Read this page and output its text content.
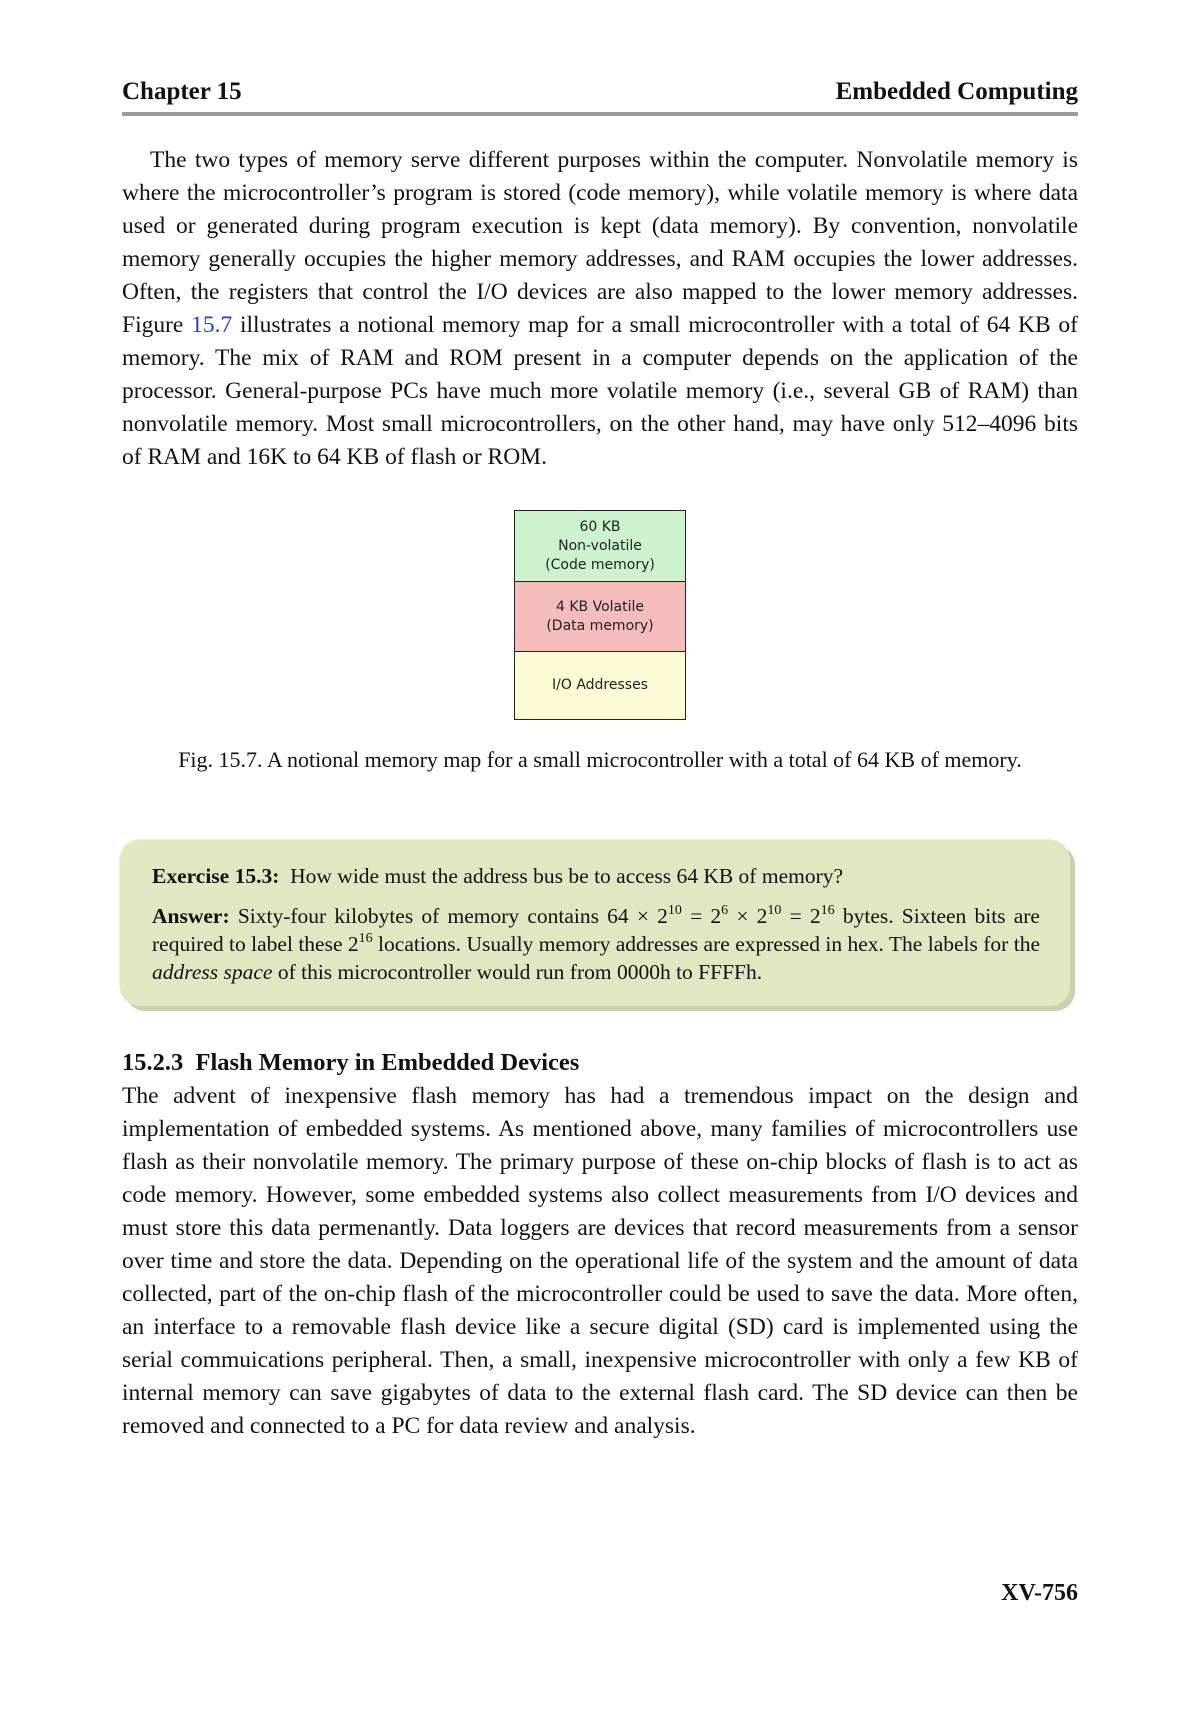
Chapter 15	Embedded Computing

The two types of memory serve different purposes within the computer. Nonvolatile memory is where the microcontroller’s program is stored (code memory), while volatile memory is where data used or generated during program execution is kept (data memory). By convention, nonvolatile memory generally occupies the higher memory addresses, and RAM occupies the lower addresses. Often, the registers that control the I/O devices are also mapped to the lower memory addresses. Figure 15.7 illustrates a notional memory map for a small microcontroller with a total of 64 KB of memory. The mix of RAM and ROM present in a computer depends on the application of the processor. General-purpose PCs have much more volatile memory (i.e., several GB of RAM) than nonvolatile memory. Most small microcontrollers, on the other hand, may have only 512–4096 bits of RAM and 16K to 64 KB of flash or ROM.

60 KB
Non-volatile
(Code memory)
4 KB Volatile
(Data memory)
I/O Addresses
Fig. 15.7. A notional memory map for a small microcontroller with a total of 64 KB of memory.

Exercise 15.3: How wide must the address bus be to access 64 KB of memory?

Answer: Sixty-four kilobytes of memory contains $64 \times 2^{10} = 2^6 \times 2^{10} = 2^{16}$ bytes. Sixteen bits are required to label these $2^{16}$ locations. Usually memory addresses are expressed in hex. The labels for the address space of this microcontroller would run from 0000h to FFFFh.

15.2.3 Flash Memory in Embedded Devices

The advent of inexpensive flash memory has had a tremendous impact on the design and implementation of embedded systems. As mentioned above, many families of microcontrollers use flash as their nonvolatile memory. The primary purpose of these on-chip blocks of flash is to act as code memory. However, some embedded systems also collect measurements from I/O devices and must store this data permenantly. Data loggers are devices that record measurements from a sensor over time and store the data. Depending on the operational life of the system and the amount of data collected, part of the on-chip flash of the microcontroller could be used to save the data. More often, an interface to a removable flash device like a secure digital (SD) card is implemented using the serial commuications peripheral. Then, a small, inexpensive microcontroller with only a few KB of internal memory can save gigabytes of data to the external flash card. The SD device can then be removed and connected to a PC for data review and analysis.

XV-756
